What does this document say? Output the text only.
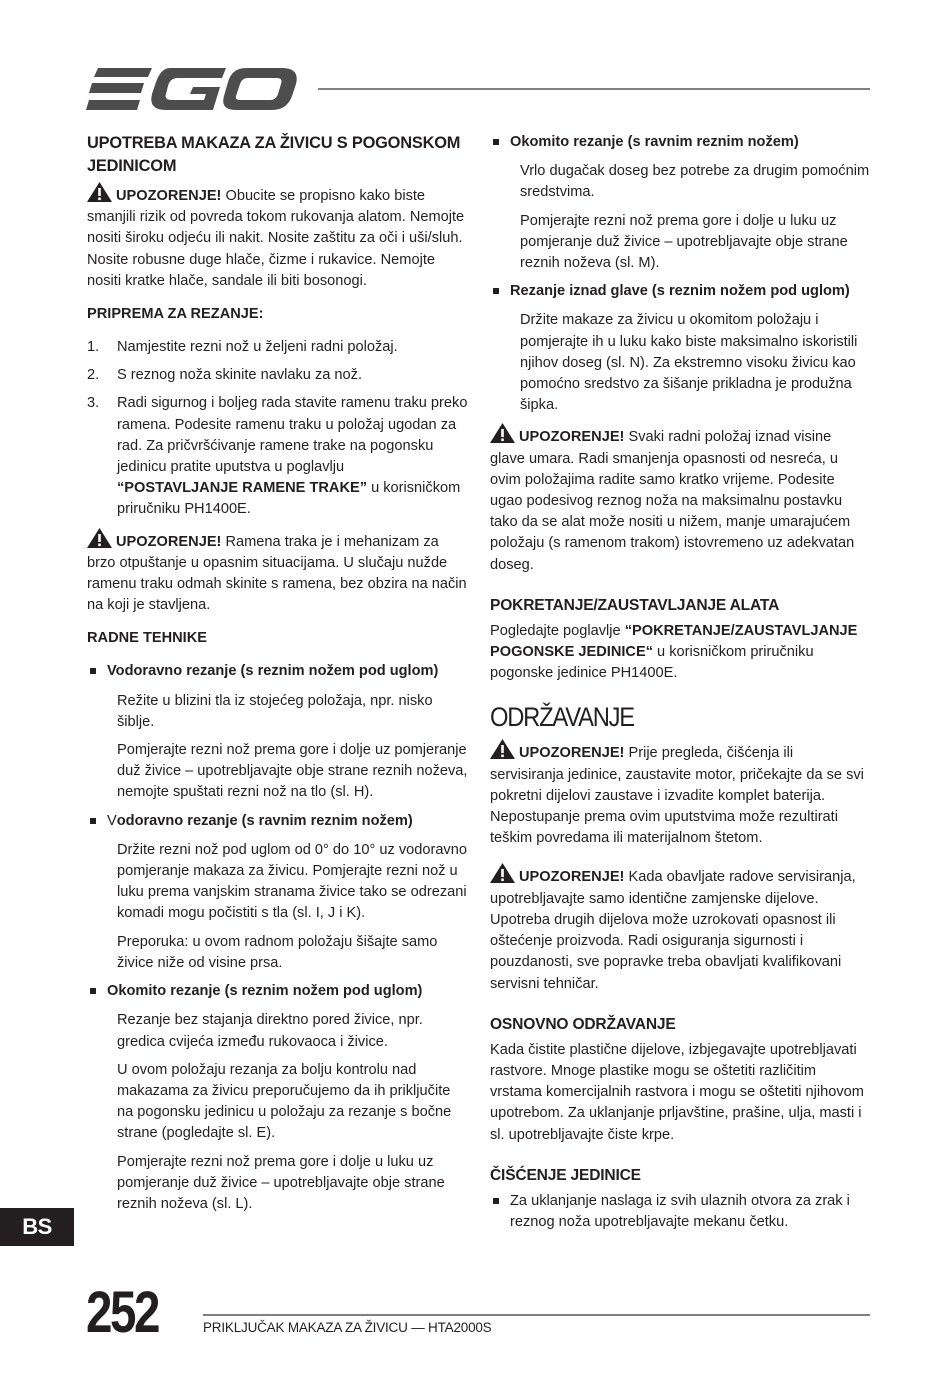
UPOTREBA MAKAZA ZA ŽIVICU S POGONSKOM JEDINICOM

UPOZORENJE! Obucite se propisno kako biste smanjili rizik od povreda tokom rukovanja alatom. Nemojte nositi široku odjeću ili nakit. Nosite zaštitu za oči i uši/sluh. Nosite robusne duge hlače, čizme i rukavice. Nemojte nositi kratke hlače, sandale ili biti bosonogi.

PRIPREMA ZA REZANJE:
1. Namjestite rezni nož u željeni radni položaj.
2. S reznog noža skinite navlaku za nož.
3. Radi sigurnog i boljeg rada stavite ramenu traku preko ramena. Podesite ramenu traku u položaj ugodan za rad. Za pričvršćivanje ramene trake na pogonsku jedinicu pratite uputstva u poglavlju “POSTAVLJANJE RAMENE TRAKE” u korisničkom priručniku PH1400E.

UPOZORENJE! Ramena traka je i mehanizam za brzo otpuštanje u opasnim situacijama. U slučaju nužde ramenu traku odmah skinite s ramena, bez obzira na način na koji je stavljena.

RADNE TEHNIKE
Vodoravno rezanje (s reznim nožem pod uglom)

Režite u blizini tla iz stojećeg položaja, npr. nisko šiblje.

Pomjerajte rezni nož prema gore i dolje uz pomjeranje duž živice – upotrebljavajte obje strane reznih noževa, nemojte spuštati rezni nož na tlo (sl. H).

Vodoravno rezanje (s ravnim reznim nožem)

Držite rezni nož pod uglom od 0° do 10° uz vodoravno pomjeranje makaza za živicu. Pomjerajte rezni nož u luku prema vanjskim stranama živice tako se odrezani komadi mogu počistiti s tla (sl. I, J i K).

Preporuka: u ovom radnom položaju šišajte samo živice niže od visine prsa.

Okomito rezanje (s reznim nožem pod uglom)

Rezanje bez stajanja direktno pored živice, npr. gredica cvijeća između rukovaoca i živice.

U ovom položaju rezanja za bolju kontrolu nad makazama za živicu preporučujemo da ih priključite na pogonsku jedinicu u položaju za rezanje s bočne strane (pogledajte sl. E).

Pomjerajte rezni nož prema gore i dolje u luku uz pomjeranje duž živice – upotrebljavajte obje strane reznih noževa (sl. L).

Okomito rezanje (s ravnim reznim nožem)

Vrlo dugačak doseg bez potrebe za drugim pomoćnim sredstvima.

Pomjerajte rezni nož prema gore i dolje u luku uz pomjeranje duž živice – upotrebljavajte obje strane reznih noževa (sl. M).

Rezanje iznad glave (s reznim nožem pod uglom)

Držite makaze za živicu u okomitom položaju i pomjerajte ih u luku kako biste maksimalno iskoristili njihov doseg (sl. N). Za ekstremno visoku živicu kao pomoćno sredstvo za šišanje prikladna je produžna šipka.

UPOZORENJE! Svaki radni položaj iznad visine glave umara. Radi smanjenja opasnosti od nesreća, u ovim položajima radite samo kratko vrijeme. Podesite ugao podesivog reznog noža na maksimalnu postavku tako da se alat može nositi u nižem, manje umarajućem položaju (s ramenom trakom) istovremeno uz adekvatan doseg.

POKRETANJE/ZAUSTAVLJANJE ALATA

Pogledajte poglavlje “POKRETANJE/ZAUSTAVLJANJE POGONSKE JEDINICE“ u korisničkom priručniku pogonske jedinice PH1400E.

ODRŽAVANJE

UPOZORENJE! Prije pregleda, čišćenja ili servisiranja jedinice, zaustavite motor, pričekajte da se svi pokretni dijelovi zaustave i izvadite komplet baterija. Nepostupanje prema ovim uputstvima može rezultirati teškim povredama ili materijalnom štetom.

UPOZORENJE! Kada obavljate radove servisiranja, upotrebljavajte samo identične zamjenske dijelove. Upotreba drugih dijelova može uzrokovati opasnost ili oštećenje proizvoda. Radi osiguranja sigurnosti i pouzdanosti, sve popravke treba obavljati kvalifikovani servisni tehničar.

OSNOVNO ODRŽAVANJE

Kada čistite plastične dijelove, izbjegavajte upotrebljavati rastvore. Mnoge plastike mogu se oštetiti različitim vrstama komercijalnih rastvora i mogu se oštetiti njihovom upotrebom. Za uklanjanje prljavštine, prašine, ulja, masti i sl. upotrebljavajte čiste krpe.

ČIŠĆENJE JEDINICE
Za uklanjanje naslaga iz svih ulaznih otvora za zrak i reznog noža upotrebljavajte mekanu četku.
BS
252	PRIKLJUČAK MAKAZA ZA ŽIVICU — HTA2000S
